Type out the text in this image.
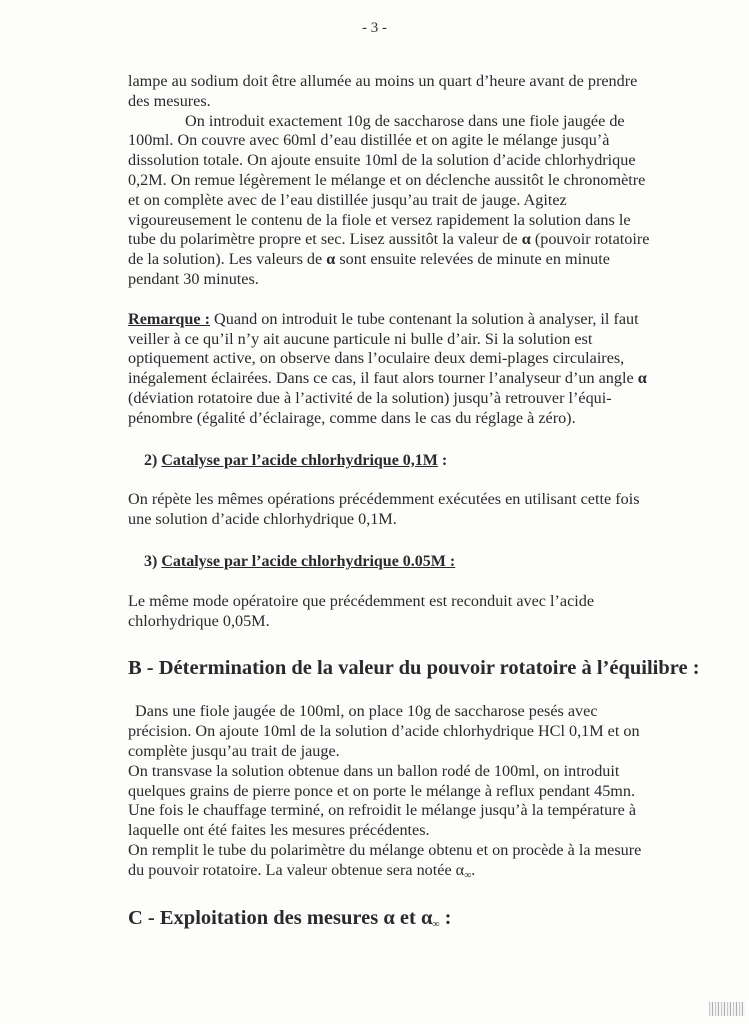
- 3 -

lampe au sodium doit être allumée au moins un quart d’heure avant de prendre
des mesures.

On introduit exactement 10g de saccharose dans une fiole jaugée de
100ml. On couvre avec 60ml d’eau distillée et on agite le mélange jusqu’à
dissolution totale. On ajoute ensuite 10ml de la solution d’acide chlorhydrique
0,2M. On remue légèrement le mélange et on déclenche aussitôt le chronomètre
et on complète avec de l’eau distillée jusqu’au trait de jauge. Agitez
vigoureusement le contenu de la fiole et versez rapidement la solution dans le
tube du polarimètre propre et sec. Lisez aussitôt la valeur de α (pouvoir rotatoire
de la solution). Les valeurs de α sont ensuite relevées de minute en minute
pendant 30 minutes.

Remarque : Quand on introduit le tube contenant la solution à analyser, il faut
veiller à ce qu’il n’y ait aucune particule ni bulle d’air. Si la solution est
optiquement active, on observe dans l’oculaire deux demi-plages circulaires,
inégalement éclairées. Dans ce cas, il faut alors tourner l’analyseur d’un angle α
(déviation rotatoire due à l’activité de la solution) jusqu’à retrouver l’équi-
pénombre (égalité d’éclairage, comme dans le cas du réglage à zéro).

2) Catalyse par l’acide chlorhydrique 0,1M :

On répète les mêmes opérations précédemment exécutées en utilisant cette fois
une solution d’acide chlorhydrique 0,1M.

3) Catalyse par l’acide chlorhydrique 0.05M :

Le même mode opératoire que précédemment est reconduit avec l’acide
chlorhydrique 0,05M.

B - Détermination de la valeur du pouvoir rotatoire à l’équilibre :

Dans une fiole jaugée de 100ml, on place 10g de saccharose pesés avec
précision. On ajoute 10ml de la solution d’acide chlorhydrique HCl 0,1M et on
complète jusqu’au trait de jauge.
On transvase la solution obtenue dans un ballon rodé de 100ml, on introduit
quelques grains de pierre ponce et on porte le mélange à reflux pendant 45mn.
Une fois le chauffage terminé, on refroidit le mélange jusqu’à la température à
laquelle ont été faites les mesures précédentes.
On remplit le tube du polarimètre du mélange obtenu et on procède à la mesure
du pouvoir rotatoire. La valeur obtenue sera notée $\alpha_\infty$.

C - Exploitation des mesures α et $\alpha_\infty$ :
